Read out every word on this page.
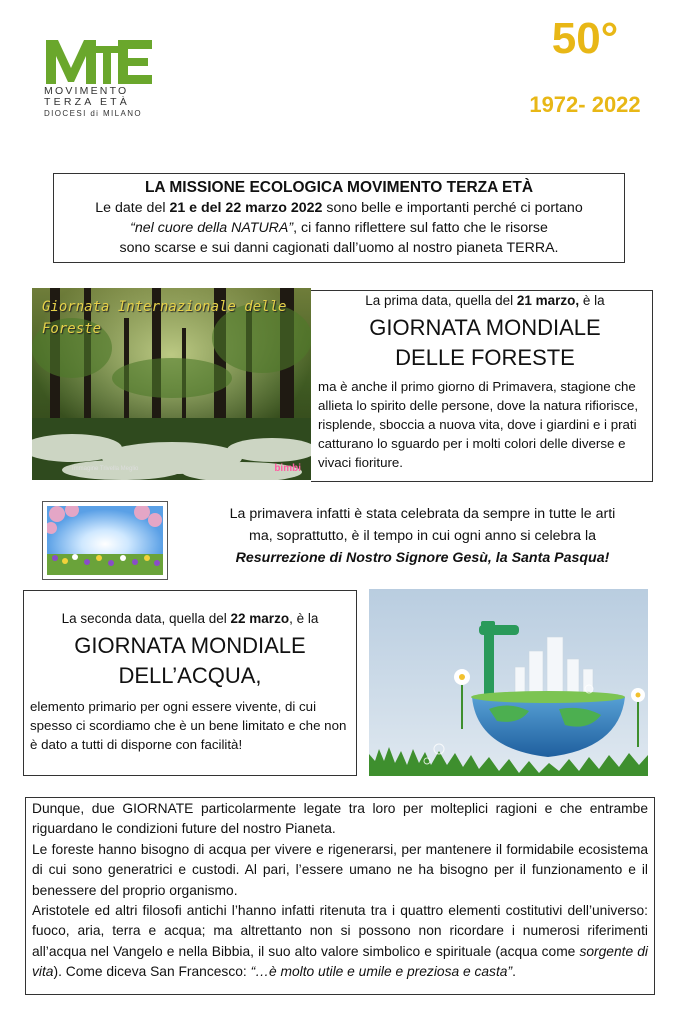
MOVIMENTO
TERZA ETÀ
DIOCESI di MILANO
50°
1972- 2022
LA MISSIONE ECOLOGICA MOVIMENTO TERZA ETÀ
Le date del 21 e del 22 marzo 2022 sono belle e importanti perché ci portano
“nel cuore della NATURA”, ci fanno riflettere sul fatto che le risorse
sono scarse e sui danni cagionati dall’uomo al nostro pianeta TERRA.
Giornata Internazionale delle
Foreste
Immagine Trivella Meglio	bimbi
La prima data, quella del 21 marzo, è la
GIORNATA MONDIALE
DELLE FORESTE
ma è anche il primo giorno di Primavera, stagione che allieta lo spirito delle persone, dove la natura rifiorisce, risplende, sboccia a nuova vita, dove i giardini e i prati catturano lo sguardo per i molti colori delle diverse e vivaci fioriture.
La primavera infatti è stata celebrata da sempre in tutte le arti
ma, soprattutto, è il tempo in cui ogni anno si celebra la
Resurrezione di Nostro Signore Gesù, la Santa Pasqua!
La seconda data, quella del 22 marzo, è la
GIORNATA MONDIALE
DELL’ACQUA,
elemento primario per ogni essere vivente, di cui spesso ci scordiamo che è un bene limitato e che non è dato a tutti di disporne con facilità!

Dunque, due GIORNATE particolarmente legate tra loro per molteplici ragioni e che entrambe riguardano le condizioni future del nostro Pianeta.

Le foreste hanno bisogno di acqua per vivere e rigenerarsi, per mantenere il formidabile ecosistema di cui sono generatrici e custodi. Al pari, l’essere umano ne ha bisogno per il funzionamento e il benessere del proprio organismo.

Aristotele ed altri filosofi antichi l’hanno infatti ritenuta tra i quattro elementi costitutivi dell’universo: fuoco, aria, terra e acqua; ma altrettanto non si possono non ricordare i numerosi riferimenti all’acqua nel Vangelo e nella Bibbia, il suo alto valore simbolico e spirituale (acqua come sorgente di vita). Come diceva San Francesco: “…è molto utile e umile e preziosa e casta”.
